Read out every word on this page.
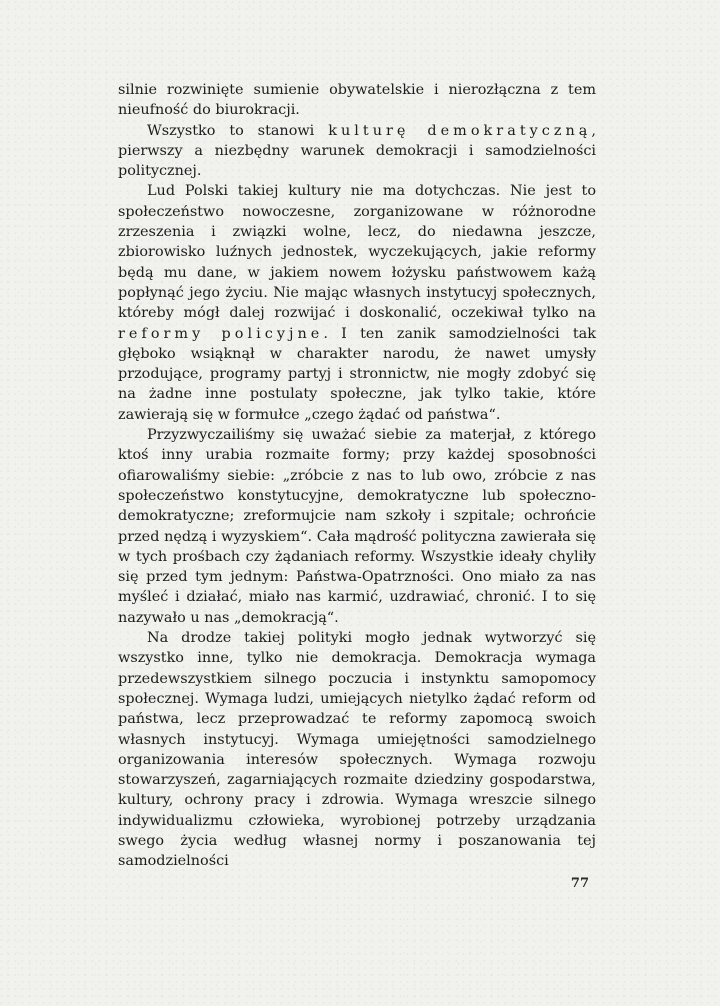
silnie rozwinięte sumienie obywatelskie i nierozłączna z tem nieufność do biurokracji.

Wszystko to stanowi kulturę demokratyczną, pierwszy a niezbędny warunek demokracji i samodzielności politycznej.

Lud Polski takiej kultury nie ma dotychczas. Nie jest to społeczeństwo nowoczesne, zorganizowane w różnorodne zrzeszenia i związki wolne, lecz, do niedawna jeszcze, zbiorowisko luźnych jednostek, wyczekujących, jakie reformy będą mu dane, w jakiem nowem łożysku państwowem każą popłynąć jego życiu. Nie mając własnych instytucyj społecznych, któreby mógł dalej rozwijać i doskonalić, oczekiwał tylko na reformy policyjne. I ten zanik samodzielności tak głęboko wsiąknął w charakter narodu, że nawet umysły przodujące, programy partyj i stronnictw, nie mogły zdobyć się na żadne inne postulaty społeczne, jak tylko takie, które zawierają się w formułce „czego żądać od państwa“.

Przyzwyczailiśmy się uważać siebie za materjał, z którego ktoś inny urabia rozmaite formy; przy każdej sposobności ofiarowaliśmy siebie: „zróbcie z nas to lub owo, zróbcie z nas społeczeństwo konstytucyjne, demokratyczne lub społeczno-demokratyczne; zreformujcie nam szkoły i szpitale; ochrońcie przed nędzą i wyzyskiem“. Cała mądrość polityczna zawierała się w tych prośbach czy żądaniach reformy. Wszystkie ideały chyliły się przed tym jednym: Państwa-Opatrzności. Ono miało za nas myśleć i działać, miało nas karmić, uzdrawiać, chronić. I to się nazywało u nas „demokracją“.

Na drodze takiej polityki mogło jednak wytworzyć się wszystko inne, tylko nie demokracja. Demokracja wymaga przedewszystkiem silnego poczucia i instynktu samopomocy społecznej. Wymaga ludzi, umiejących nietylko żądać reform od państwa, lecz przeprowadzać te reformy zapomocą swoich własnych instytucyj. Wymaga umiejętności samodzielnego organizowania interesów społecznych. Wymaga rozwoju stowarzyszeń, zagarniających rozmaite dziedziny gospodarstwa, kultury, ochrony pracy i zdrowia. Wymaga wreszcie silnego indywidualizmu człowieka, wyrobionej potrzeby urządzania swego życia według własnej normy i poszanowania tej samodzielności

77
